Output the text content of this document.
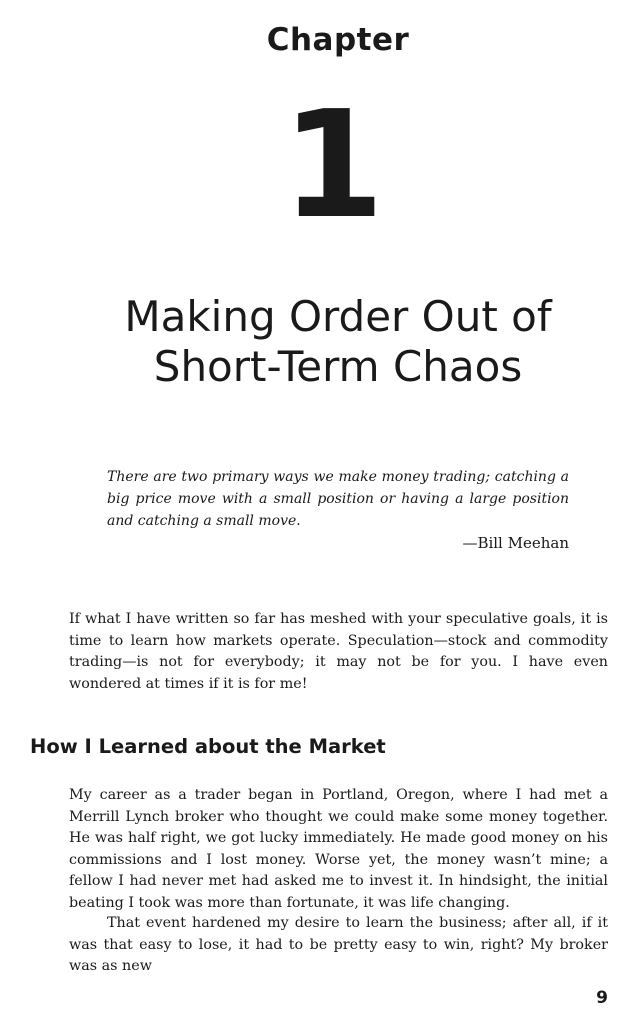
Chapter
1
Making Order Out of
Short-Term Chaos

There are two primary ways we make money trading; catching a big price move with a small position or having a large position and catching a small move.

—Bill Meehan

If what I have written so far has meshed with your speculative goals, it is time to learn how markets operate. Speculation—stock and commodity trading—is not for everybody; it may not be for you. I have even wondered at times if it is for me!

How I Learned about the Market

My career as a trader began in Portland, Oregon, where I had met a Merrill Lynch broker who thought we could make some money together. He was half right, we got lucky immediately. He made good money on his commissions and I lost money. Worse yet, the money wasn’t mine; a fellow I had never met had asked me to invest it. In hindsight, the initial beating I took was more than fortunate, it was life changing.

That event hardened my desire to learn the business; after all, if it was that easy to lose, it had to be pretty easy to win, right? My broker was as new

9
